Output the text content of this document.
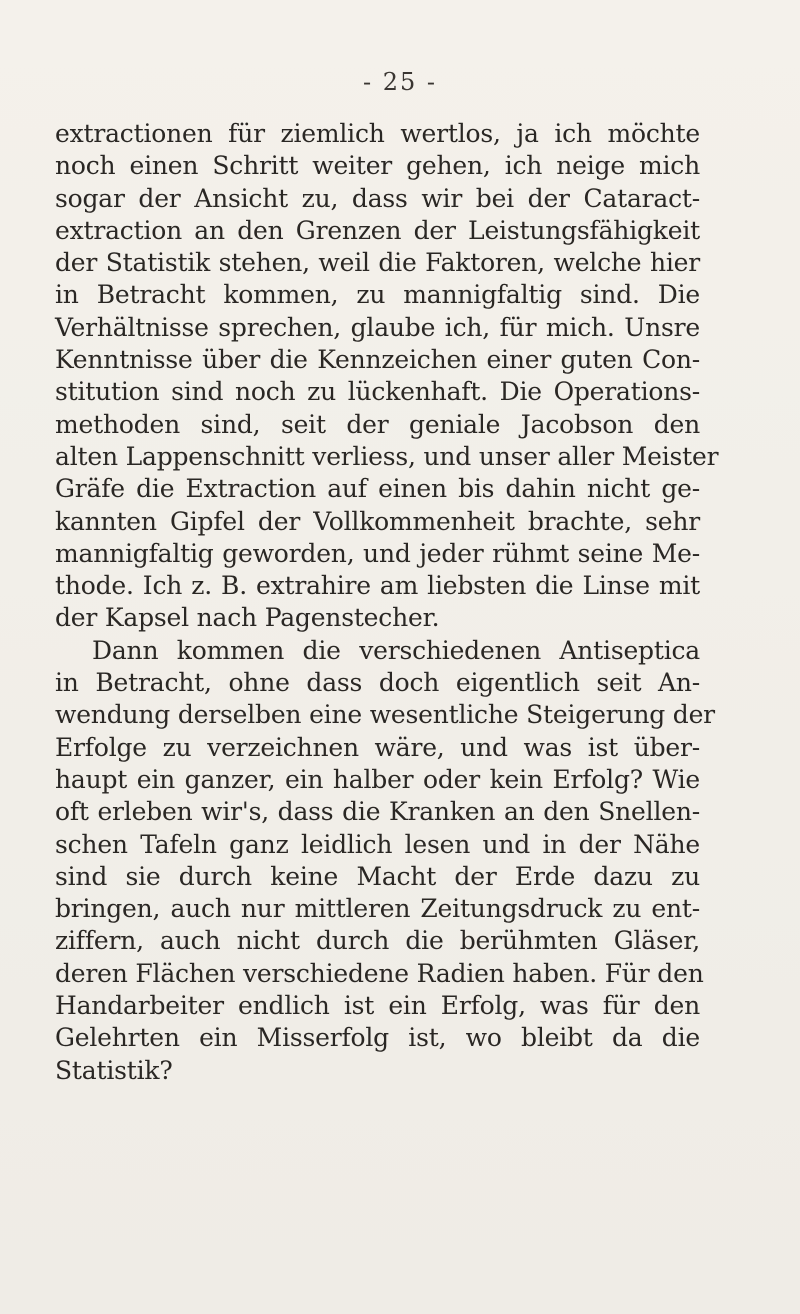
- 25 -
extractionen für ziemlich wertlos, ja ich möchte
noch einen Schritt weiter gehen, ich neige mich
sogar der Ansicht zu, dass wir bei der Cataract-
extraction an den Grenzen der Leistungsfähigkeit
der Statistik stehen, weil die Faktoren, welche hier
in Betracht kommen, zu mannigfaltig sind. Die
Verhältnisse sprechen, glaube ich, für mich. Unsre
Kenntnisse über die Kennzeichen einer guten Con-
stitution sind noch zu lückenhaft. Die Operations-
methoden sind, seit der geniale Jacobson den
alten Lappenschnitt verliess, und unser aller Meister
Gräfe die Extraction auf einen bis dahin nicht ge-
kannten Gipfel der Vollkommenheit brachte, sehr
mannigfaltig geworden, und jeder rühmt seine Me-
thode. Ich z. B. extrahire am liebsten die Linse mit
der Kapsel nach Pagenstecher.
Dann kommen die verschiedenen Antiseptica
in Betracht, ohne dass doch eigentlich seit An-
wendung derselben eine wesentliche Steigerung der
Erfolge zu verzeichnen wäre, und was ist über-
haupt ein ganzer, ein halber oder kein Erfolg? Wie
oft erleben wir's, dass die Kranken an den Snellen-
schen Tafeln ganz leidlich lesen und in der Nähe
sind sie durch keine Macht der Erde dazu zu
bringen, auch nur mittleren Zeitungsdruck zu ent-
ziffern, auch nicht durch die berühmten Gläser,
deren Flächen verschiedene Radien haben. Für den
Handarbeiter endlich ist ein Erfolg, was für den
Gelehrten ein Misserfolg ist, wo bleibt da die
Statistik?
